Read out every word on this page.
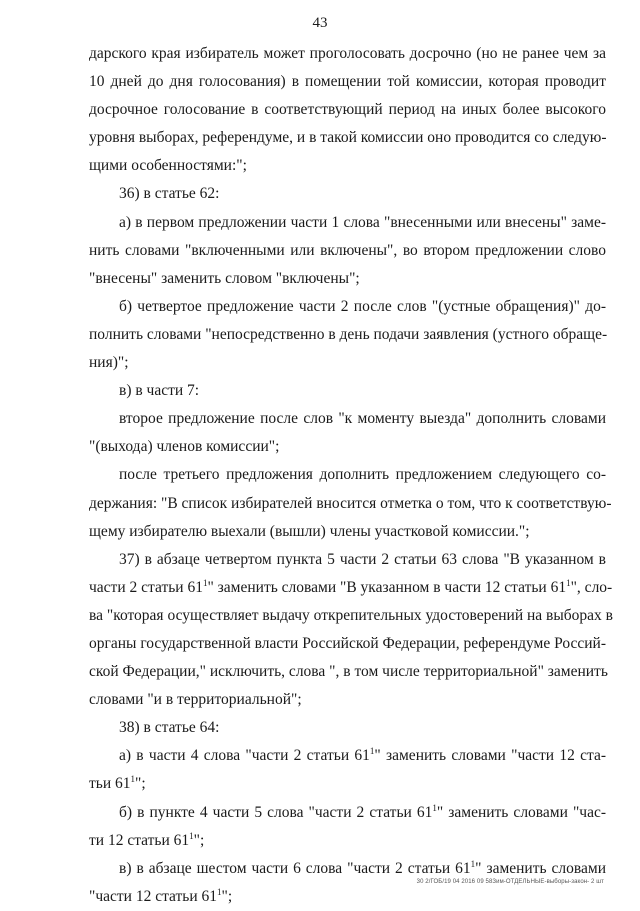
43
дарского края избиратель может проголосовать досрочно (но не ранее чем за
10 дней до дня голосования) в помещении той комиссии, которая проводит
досрочное голосование в соответствующий период на иных более высокого
уровня выборах, референдуме, и в такой комиссии оно проводится со следую-
щими особенностями:";
36) в статье 62:
а) в первом предложении части 1 слова "внесенными или внесены" заме-
нить словами "включенными или включены", во втором предложении слово
"внесены" заменить словом "включены";
б) четвертое предложение части 2 после слов "(устные обращения)" до-
полнить словами "непосредственно в день подачи заявления (устного обраще-
ния)";
в) в части 7:
второе предложение после слов "к моменту выезда" дополнить словами
"(выхода) членов комиссии";
после третьего предложения дополнить предложением следующего со-
держания: "В список избирателей вносится отметка о том, что к соответствую-
щему избирателю выехали (вышли) члены участковой комиссии.";
37) в абзаце четвертом пункта 5 части 2 статьи 63 слова "В указанном в
части 2 статьи $61^1$" заменить словами "В указанном в части 12 статьи $61^1$", сло-
ва "которая осуществляет выдачу открепительных удостоверений на выборах в
органы государственной власти Российской Федерации, референдуме Россий-
ской Федерации," исключить, слова ", в том числе территориальной" заменить
словами "и в территориальной";
38) в статье 64:
а) в части 4 слова "части 2 статьи $61^1$" заменить словами "части 12 ста-
тьи $61^1$";
б) в пункте 4 части 5 слова "части 2 статьи $61^1$" заменить словами "час-
ти 12 статьи $61^1$";
в) в абзаце шестом части 6 слова "части 2 статьи $61^1$" заменить словами
"части 12 статьи $61^1$";
30 2/ГОБ/19 04 2016 09 58Зим-ОТДЕЛЬНЫЕ-выборы-закон- 2 шт
